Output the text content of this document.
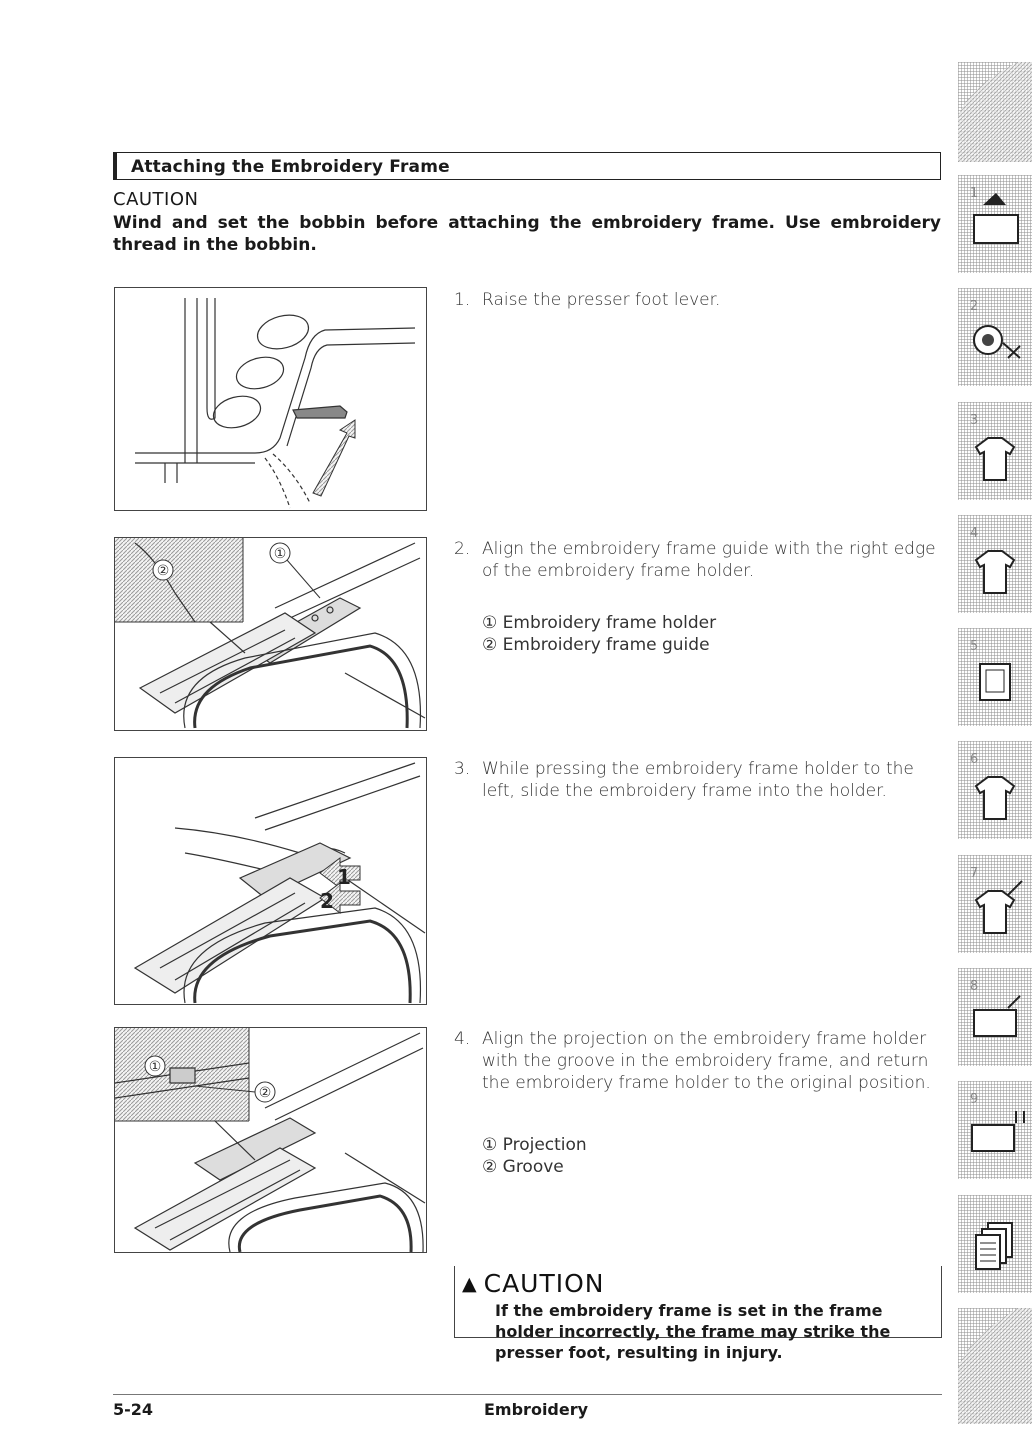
Attaching the Embroidery Frame
CAUTION
Wind and set the bobbin before attaching the embroidery frame. Use embroidery thread in the bobbin.
②
①
1
2
①
②
1. Raise the presser foot lever.
2. Align the embroidery frame guide with the right edge of the embroidery frame holder.
① Embroidery frame holder
② Embroidery frame guide
3. While pressing the embroidery frame holder to the left, slide the embroidery frame into the holder.
4. Align the projection on the embroidery frame holder with the groove in the embroidery frame, and return the embroidery frame holder to the original position.
① Projection
② Groove
▲ CAUTION
If the embroidery frame is set in the frame holder incorrectly, the frame may strike the presser foot, resulting in injury.
5-24	Embroidery
1
2
3
4
5
6
7
8
9
